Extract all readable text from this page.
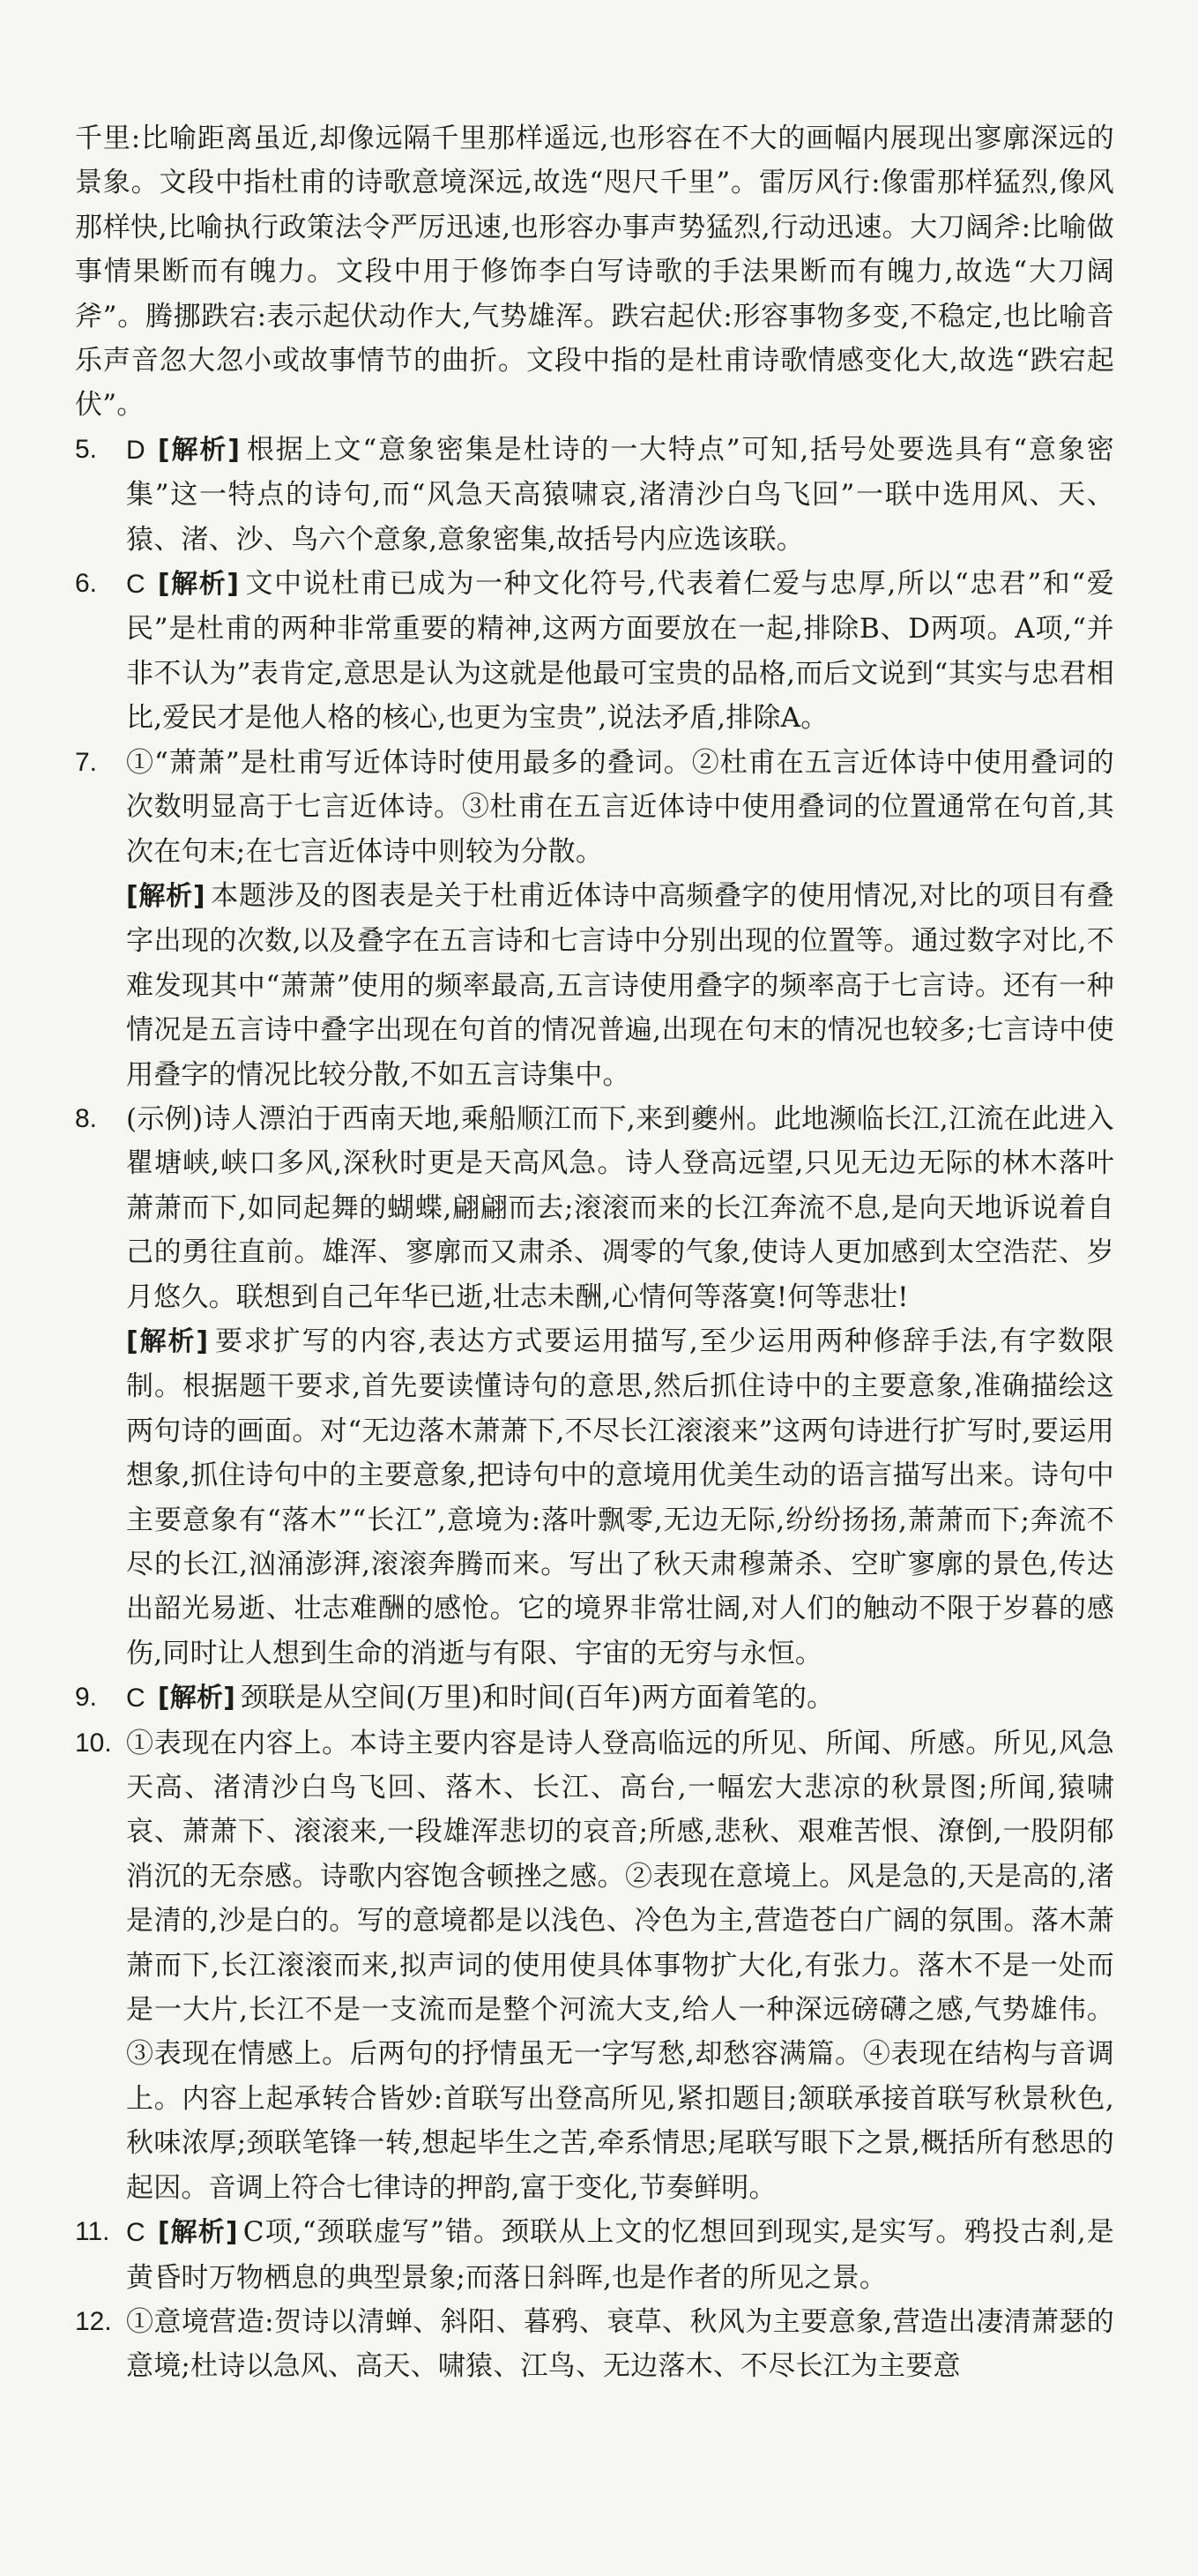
千里:比喻距离虽近,却像远隔千里那样遥远,也形容在不大的画幅内展现出寥廓深远的景象。文段中指杜甫的诗歌意境深远,故选“咫尺千里”。雷厉风行:像雷那样猛烈,像风那样快,比喻执行政策法令严厉迅速,也形容办事声势猛烈,行动迅速。大刀阔斧:比喻做事情果断而有魄力。文段中用于修饰李白写诗歌的手法果断而有魄力,故选“大刀阔斧”。腾挪跌宕:表示起伏动作大,气势雄浑。跌宕起伏:形容事物多变,不稳定,也比喻音乐声音忽大忽小或故事情节的曲折。文段中指的是杜甫诗歌情感变化大,故选“跌宕起伏”。

5.	D [解析] 根据上文“意象密集是杜诗的一大特点”可知,括号处要选具有“意象密集”这一特点的诗句,而“风急天高猿啸哀,渚清沙白鸟飞回”一联中选用风、天、猿、渚、沙、鸟六个意象,意象密集,故括号内应选该联。

6.	C [解析] 文中说杜甫已成为一种文化符号,代表着仁爱与忠厚,所以“忠君”和“爱民”是杜甫的两种非常重要的精神,这两方面要放在一起,排除B、D两项。A项,“并非不认为”表肯定,意思是认为这就是他最可宝贵的品格,而后文说到“其实与忠君相比,爱民才是他人格的核心,也更为宝贵”,说法矛盾,排除A。

7.	①“萧萧”是杜甫写近体诗时使用最多的叠词。②杜甫在五言近体诗中使用叠词的次数明显高于七言近体诗。③杜甫在五言近体诗中使用叠词的位置通常在句首,其次在句末;在七言近体诗中则较为分散。

[解析] 本题涉及的图表是关于杜甫近体诗中高频叠字的使用情况,对比的项目有叠字出现的次数,以及叠字在五言诗和七言诗中分别出现的位置等。通过数字对比,不难发现其中“萧萧”使用的频率最高,五言诗使用叠字的频率高于七言诗。还有一种情况是五言诗中叠字出现在句首的情况普遍,出现在句末的情况也较多;七言诗中使用叠字的情况比较分散,不如五言诗集中。

8.	(示例)诗人漂泊于西南天地,乘船顺江而下,来到夔州。此地濒临长江,江流在此进入瞿塘峡,峡口多风,深秋时更是天高风急。诗人登高远望,只见无边无际的林木落叶萧萧而下,如同起舞的蝴蝶,翩翩而去;滚滚而来的长江奔流不息,是向天地诉说着自己的勇往直前。雄浑、寥廓而又肃杀、凋零的气象,使诗人更加感到太空浩茫、岁月悠久。联想到自己年华已逝,壮志未酬,心情何等落寞!何等悲壮!

[解析] 要求扩写的内容,表达方式要运用描写,至少运用两种修辞手法,有字数限制。根据题干要求,首先要读懂诗句的意思,然后抓住诗中的主要意象,准确描绘这两句诗的画面。对“无边落木萧萧下,不尽长江滚滚来”这两句诗进行扩写时,要运用想象,抓住诗句中的主要意象,把诗句中的意境用优美生动的语言描写出来。诗句中主要意象有“落木”“长江”,意境为:落叶飘零,无边无际,纷纷扬扬,萧萧而下;奔流不尽的长江,汹涌澎湃,滚滚奔腾而来。写出了秋天肃穆萧杀、空旷寥廓的景色,传达出韶光易逝、壮志难酬的感怆。它的境界非常壮阔,对人们的触动不限于岁暮的感伤,同时让人想到生命的消逝与有限、宇宙的无穷与永恒。

9.	C [解析] 颈联是从空间(万里)和时间(百年)两方面着笔的。

10. ①表现在内容上。本诗主要内容是诗人登高临远的所见、所闻、所感。所见,风急天高、渚清沙白鸟飞回、落木、长江、高台,一幅宏大悲凉的秋景图;所闻,猿啸哀、萧萧下、滚滚来,一段雄浑悲切的哀音;所感,悲秋、艰难苦恨、潦倒,一股阴郁消沉的无奈感。诗歌内容饱含顿挫之感。②表现在意境上。风是急的,天是高的,渚是清的,沙是白的。写的意境都是以浅色、冷色为主,营造苍白广阔的氛围。落木萧萧而下,长江滚滚而来,拟声词的使用使具体事物扩大化,有张力。落木不是一处而是一大片,长江不是一支流而是整个河流大支,给人一种深远磅礴之感,气势雄伟。③表现在情感上。后两句的抒情虽无一字写愁,却愁容满篇。④表现在结构与音调上。内容上起承转合皆妙:首联写出登高所见,紧扣题目;颔联承接首联写秋景秋色,秋味浓厚;颈联笔锋一转,想起毕生之苦,牵系情思;尾联写眼下之景,概括所有愁思的起因。音调上符合七律诗的押韵,富于变化,节奏鲜明。

11. C [解析] C项,“颈联虚写”错。颈联从上文的忆想回到现实,是实写。鸦投古刹,是黄昏时万物栖息的典型景象;而落日斜晖,也是作者的所见之景。

12. ①意境营造:贺诗以清蝉、斜阳、暮鸦、衰草、秋风为主要意象,营造出凄清萧瑟的意境;杜诗以急风、高天、啸猿、江鸟、无边落木、不尽长江为主要意
